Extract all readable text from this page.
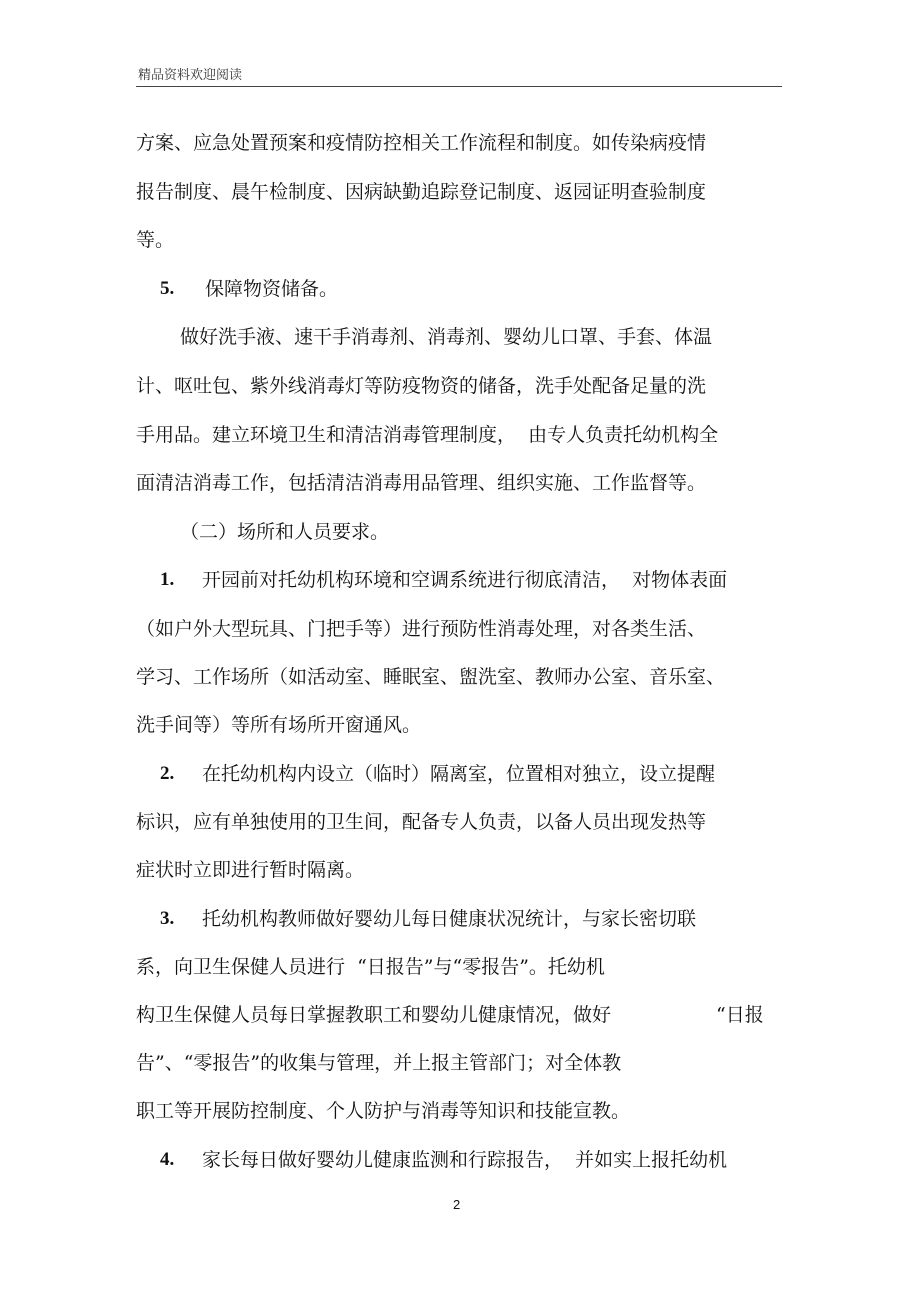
精品资料欢迎阅读
方案、应急处置预案和疫情防控相关工作流程和制度。如传染病疫情
报告制度、晨午检制度、因病缺勤追踪登记制度、返园证明查验制度
等。
5. 保障物资储备。
做好洗手液、速干手消毒剂、消毒剂、婴幼儿口罩、手套、体温
计、呕吐包、紫外线消毒灯等防疫物资的储备，洗手处配备足量的洗
手用品。建立环境卫生和清洁消毒管理制度，  由专人负责托幼机构全
面清洁消毒工作，包括清洁消毒用品管理、组织实施、工作监督等。
（二）场所和人员要求。
1. 开园前对托幼机构环境和空调系统进行彻底清洁，  对物体表面
（如户外大型玩具、门把手等）进行预防性消毒处理，对各类生活、
学习、工作场所（如活动室、睡眠室、盥洗室、教师办公室、音乐室、
洗手间等）等所有场所开窗通风。
2. 在托幼机构内设立（临时）隔离室，位置相对独立，设立提醒
标识，应有单独使用的卫生间，配备专人负责，以备人员出现发热等
症状时立即进行暂时隔离。
3. 托幼机构教师做好婴幼儿每日健康状况统计，与家长密切联
系，向卫生保健人员进行  “日报告”与“零报告”。托幼机
构卫生保健人员每日掌握教职工和婴幼儿健康情况，做好	“日报
告”、“零报告”的收集与管理，并上报主管部门；对全体教
职工等开展防控制度、个人防护与消毒等知识和技能宣教。
4. 家长每日做好婴幼儿健康监测和行踪报告，  并如实上报托幼机
2
